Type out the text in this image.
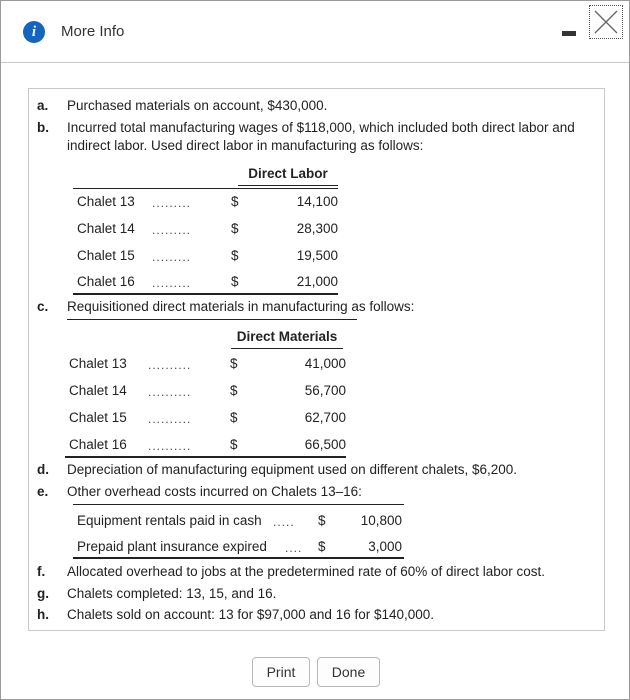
i	More Info
a. Purchased materials on account, $430,000.
b. Incurred total manufacturing wages of $118,000, which included both direct labor and
indirect labor. Used direct labor in manufacturing as follows:
Direct Labor
Chalet 13 .........	$	14,100
Chalet 14 .........	$	28,300
Chalet 15 .........	$	19,500
Chalet 16 .........	$	21,000
c. Requisitioned direct materials in manufacturing as follows:
Direct Materials
Chalet 13 ..........	$	41,000
Chalet 14 ..........	$	56,700
Chalet 15 ..........	$	62,700
Chalet 16 ..........	$	66,500
d. Depreciation of manufacturing equipment used on different chalets, $6,200.
e. Other overhead costs incurred on Chalets 13–16:
Equipment rentals paid in cash ..... $	10,800
Prepaid plant insurance expired .... $	3,000
f. Allocated overhead to jobs at the predetermined rate of 60% of direct labor cost.
g. Chalets completed: 13, 15, and 16.
h. Chalets sold on account: 13 for $97,000 and 16 for $140,000.
Print	Done
